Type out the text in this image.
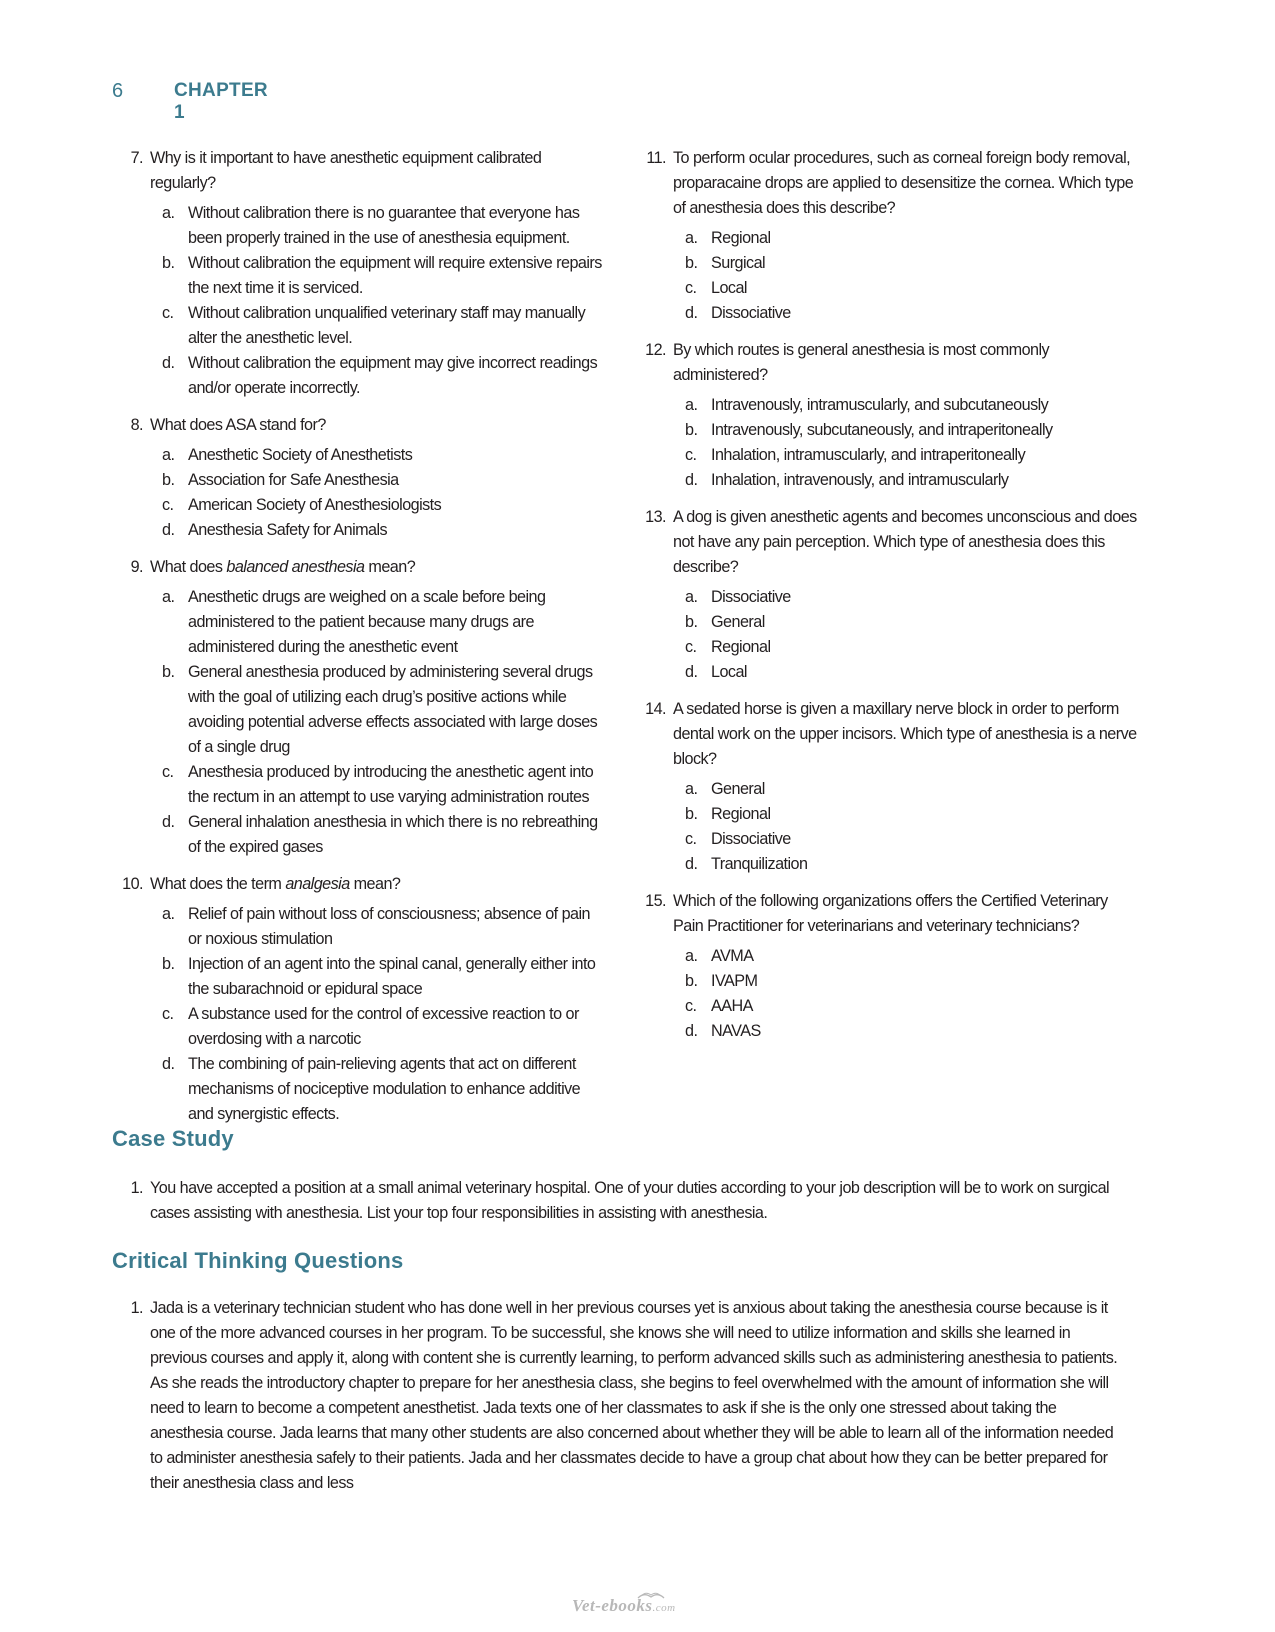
6	CHAPTER 1
7. Why is it important to have anesthetic equipment calibrated regularly?
a. Without calibration there is no guarantee that everyone has been properly trained in the use of anesthesia equipment.
b. Without calibration the equipment will require extensive repairs the next time it is serviced.
c. Without calibration unqualified veterinary staff may manually alter the anesthetic level.
d. Without calibration the equipment may give incorrect readings and/or operate incorrectly.
8. What does ASA stand for?
a. Anesthetic Society of Anesthetists
b. Association for Safe Anesthesia
c. American Society of Anesthesiologists
d. Anesthesia Safety for Animals
9. What does balanced anesthesia mean?
a. Anesthetic drugs are weighed on a scale before being administered to the patient because many drugs are administered during the anesthetic event
b. General anesthesia produced by administering several drugs with the goal of utilizing each drug’s positive actions while avoiding potential adverse effects associated with large doses of a single drug
c. Anesthesia produced by introducing the anesthetic agent into the rectum in an attempt to use varying administration routes
d. General inhalation anesthesia in which there is no rebreathing of the expired gases
10. What does the term analgesia mean?
a. Relief of pain without loss of consciousness; absence of pain or noxious stimulation
b. Injection of an agent into the spinal canal, generally either into the subarachnoid or epidural space
c. A substance used for the control of excessive reaction to or overdosing with a narcotic
d. The combining of pain-relieving agents that act on different mechanisms of nociceptive modulation to enhance additive and synergistic effects.
11. To perform ocular procedures, such as corneal foreign body removal, proparacaine drops are applied to desensitize the cornea. Which type of anesthesia does this describe?
a. Regional
b. Surgical
c. Local
d. Dissociative
12. By which routes is general anesthesia is most commonly administered?
a. Intravenously, intramuscularly, and subcutaneously
b. Intravenously, subcutaneously, and intraperitoneally
c. Inhalation, intramuscularly, and intraperitoneally
d. Inhalation, intravenously, and intramuscularly
13. A dog is given anesthetic agents and becomes unconscious and does not have any pain perception. Which type of anesthesia does this describe?
a. Dissociative
b. General
c. Regional
d. Local
14. A sedated horse is given a maxillary nerve block in order to perform dental work on the upper incisors. Which type of anesthesia is a nerve block?
a. General
b. Regional
c. Dissociative
d. Tranquilization
15. Which of the following organizations offers the Certified Veterinary Pain Practitioner for veterinarians and veterinary technicians?
a. AVMA
b. IVAPM
c. AAHA
d. NAVAS
Case Study
1. You have accepted a position at a small animal veterinary hospital. One of your duties according to your job description will be to work on surgical cases assisting with anesthesia. List your top four responsibilities in assisting with anesthesia.
Critical Thinking Questions
1. Jada is a veterinary technician student who has done well in her previous courses yet is anxious about taking the anesthesia course because is it one of the more advanced courses in her program. To be successful, she knows she will need to utilize information and skills she learned in previous courses and apply it, along with content she is currently learning, to perform advanced skills such as administering anesthesia to patients. As she reads the introductory chapter to prepare for her anesthesia class, she begins to feel overwhelmed with the amount of information she will need to learn to become a competent anesthetist. Jada texts one of her classmates to ask if she is the only one stressed about taking the anesthesia course. Jada learns that many other students are also concerned about whether they will be able to learn all of the information needed to administer anesthesia safely to their patients. Jada and her classmates decide to have a group chat about how they can be better prepared for their anesthesia class and less
Vet-ebooks.com
